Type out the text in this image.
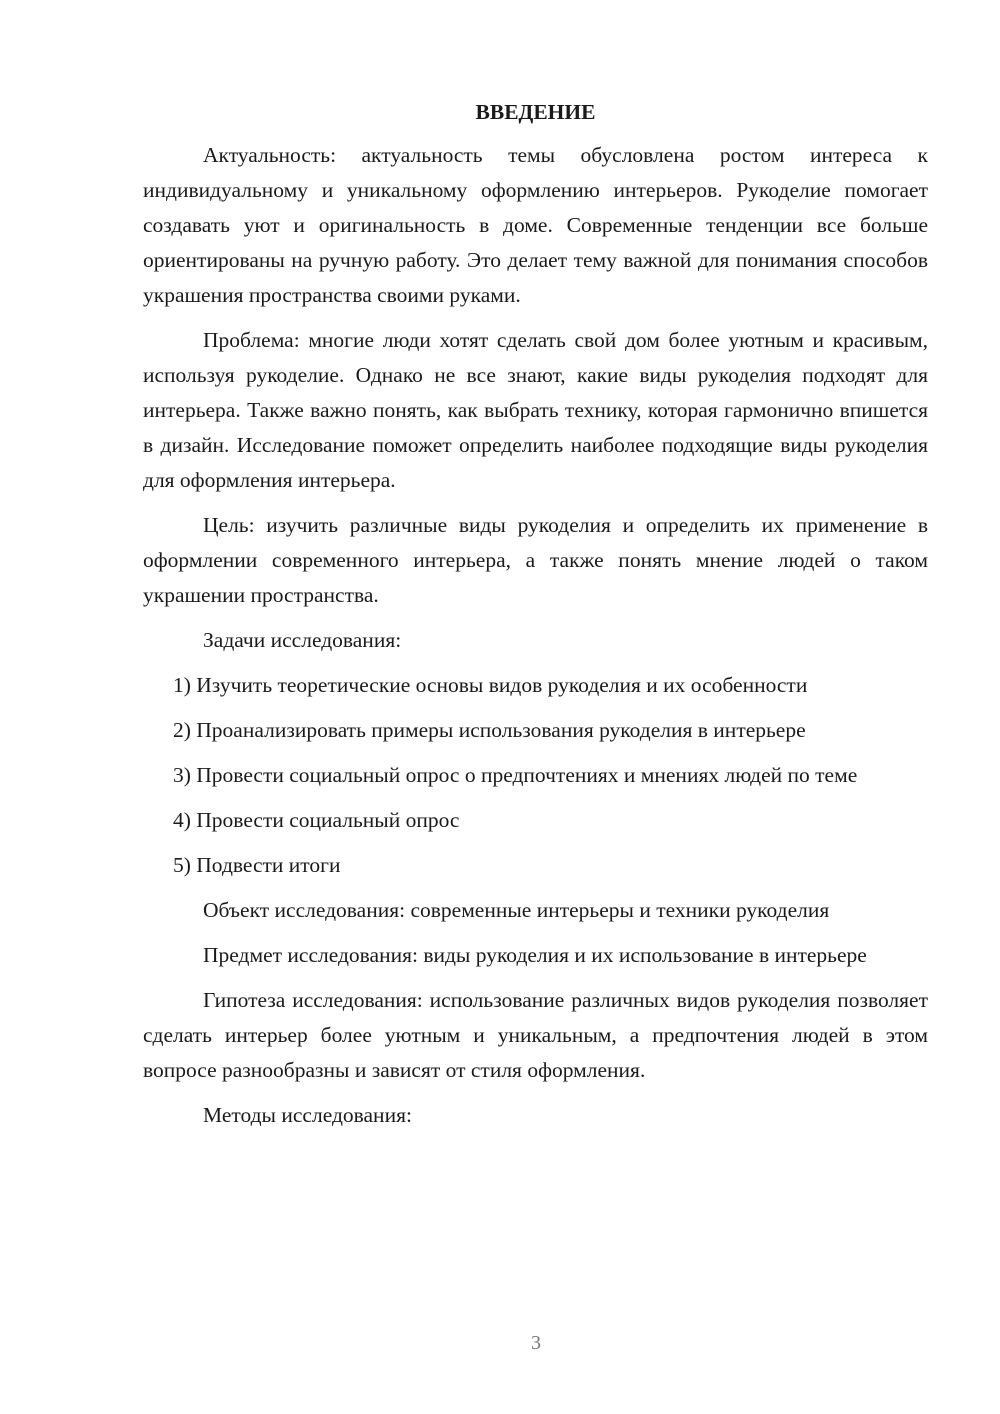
ВВЕДЕНИЕ
Актуальность: актуальность темы обусловлена ростом интереса к индивидуальному и уникальному оформлению интерьеров. Рукоделие помогает создавать уют и оригинальность в доме. Современные тенденции все больше ориентированы на ручную работу. Это делает тему важной для понимания способов украшения пространства своими руками.
Проблема: многие люди хотят сделать свой дом более уютным и красивым, используя рукоделие. Однако не все знают, какие виды рукоделия подходят для интерьера. Также важно понять, как выбрать технику, которая гармонично впишется в дизайн. Исследование поможет определить наиболее подходящие виды рукоделия для оформления интерьера.
Цель: изучить различные виды рукоделия и определить их применение в оформлении современного интерьера, а также понять мнение людей о таком украшении пространства.
Задачи исследования:
1) Изучить теоретические основы видов рукоделия и их особенности
2) Проанализировать примеры использования рукоделия в интерьере
3) Провести социальный опрос о предпочтениях и мнениях людей по теме
4) Провести социальный опрос
5) Подвести итоги
Объект исследования: современные интерьеры и техники рукоделия
Предмет исследования: виды рукоделия и их использование в интерьере
Гипотеза исследования: использование различных видов рукоделия позволяет сделать интерьер более уютным и уникальным, а предпочтения людей в этом вопросе разнообразны и зависят от стиля оформления.
Методы исследования:
3
